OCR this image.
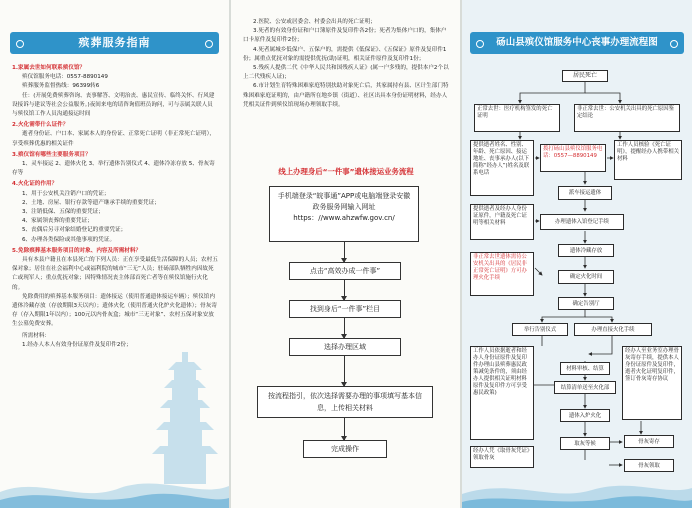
殡葬服务指南
1.家属去世如何联系殡仪馆？
殡仪馆服务电话：0557-8890149
殡葬服务监督热线：96399转6
任：(开展免费殡葬咨询、丧事解答、文明治丧、惠民宣传、临终关怀、行风建设接诉与建议等社会公益服务。)夜间来电的请咨询值班员询问，可与亲属关联人员与殡仪馆工作人员沟通接运时间
2.火化需带什么证件？
逝者身份证、户口本、家属本人的身份证、正常死亡证明（非正常死亡证明），享受殡葬优惠的相关证件
3.殡仪馆有哪些主要服务项目？
1、灵车接运 2、遗体火化 3、举行遗体告别仪式 4、遗体冷冻存放 5、骨灰寄存等
4.火化证的作用？
1、用于公安机关注销户口的凭证；
2、土地、房屋、银行存款等遗产继承手续的重要凭证；
3、注销低保、五保的重要凭证；
4、家属领丧葬的重要凭证；
5、丧偶后另寻对象结婚登记的重要凭证；
6、办理各类保险或其他事项的凭证。
5.免除殡葬基本服务项目的对象、内容及所需材料？
具有本县户籍且在本县死亡的下列人员：正在享受最低生活保障的人员；农村五保对象；居住在社会福利中心或福利院的城市“三无”人员；驻砀部队牺牲内因故死亡或现军人；重点优抚对象；因特殊情况丧主体部首死亡者等在殡仪馆施行火化的。
免除费用的殡葬基本服务项目：遗体接运（使用普通遗体接运车辆）；殡仪馆内遗体冷藏存放（存放期限3天以内）；遗体火化（使用普通火化炉火化遗体）；骨灰寄存（存入期限1年以内）；100元以内骨灰盒；城市“三无对象”、农村五保对象安放生公墓免费安葬。
所需材料：
1.经办人本人有效身份证原件及复印件2份；
2.医院、公安或居委会、村委会出具的死亡证明；
3.死者的有效身份证和户口簿原件及复印件各2份；死者为集体户口的，集体户口卡原件及复印件2份；
4.死者属城乡低保户、五保户的，需提供《低保证》、《五保证》原件及复印件1份；属重点优抚对象的需提供优抚(助)证明，相关证件原件及复印件1份；
5.残疾人提供二代《中华人民共和国残疾人证》(属一户多残的，提供本户2个以上二代残疾人证)；
6.市计划生育特殊困难家庭特别扶助对象死亡后，其家属持有县、区计生部门特殊困难家庭证明的，由户籍所在地乡镇（街道）、社区出具本身份证明材料，经办人凭相关证件到殡仪馆现场办理领取手续。
线上办理身后“一件事”遗体接运业务流程
手机端登录“皖事通”APP或电脑端登录安徽政务服务网输入网址https：//www.ahzwfw.gov.cn/
点击“高效办成一件事”
找到身后“一件事”栏目
选择办理区域
按流程指引，依次选择需要办理的事项填写基本信息，上传相关材料
完成操作
砀山县殡仪馆服务中心丧事办理流程图
居民死亡
正常去世：医疗机构签发的死亡证明
非正常去世：公安机关出具的死亡原因鉴定结论
提供逝者姓名、性别、年龄、死亡原因、接运地址、丧事承办人(以下简称“经办人”)姓名及联系电话
拨打砀山县殡仪馆服务电话：0557—8890149
工作人员核验《死亡证明》，提醒经办人携带相关材料
派车接运遗体
提供逝者及经办人身份证原件，户籍及死亡证明等相关材料	办理遗体入馆登记手续
遗体冷藏存放
非正常去世遗体需待公安机关出具的《居民非正常死亡证明》方可办理火化手续	确定火化时间
确定告别厅
举行告别仪式	办理直接火化手续
工作人员依据逝者和经办人身份证原件及复印件办理山县殡葬惠民政策减免条件的，须由经办人提供相关证明材料原件及复印件方可享受惠民政策)
材料审核、结算
结算清单送至火化部
经办人至业务室办理骨灰寄存手续，提供本人身份证原件及复印件，逝者火化证明复印件，签订骨灰寄存协议
遗体入炉火化
取灰等候	骨灰寄存
骨灰领取
经办人凭《取骨灰凭证》领取骨灰
